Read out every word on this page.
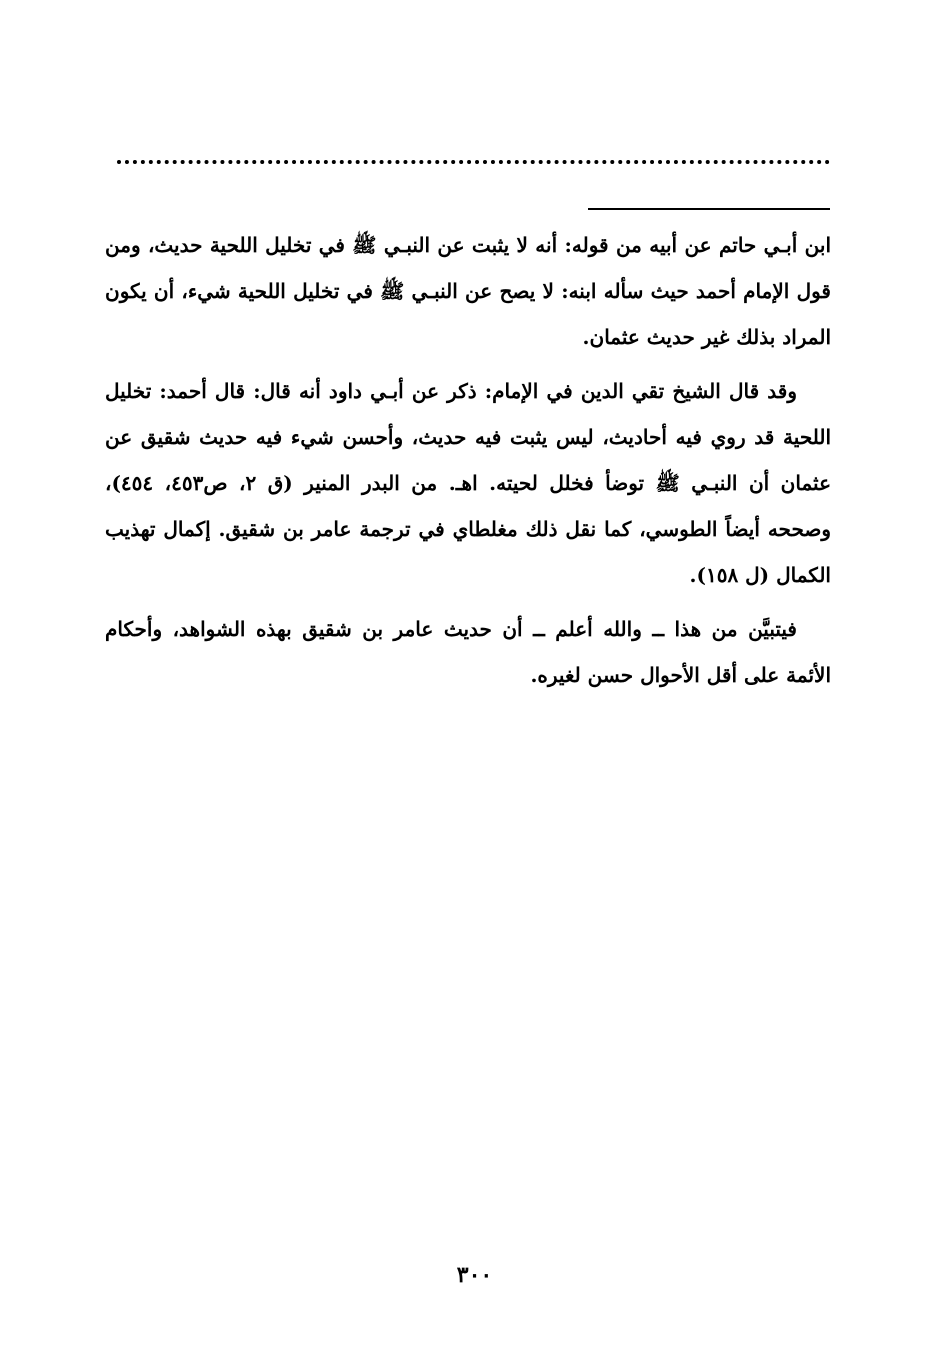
ابن أبـي حاتم عن أبيه من قوله: أنه لا يثبت عن النبـي ﷺ في تخليل اللحية حديث، ومن قول الإمام أحمد حيث سأله ابنه: لا يصح عن النبـي ﷺ في تخليل اللحية شيء، أن يكون المراد بذلك غير حديث عثمان.

وقد قال الشيخ تقي الدين في الإمام: ذكر عن أبـي داود أنه قال: قال أحمد: تخليل اللحية قد روي فيه أحاديث، ليس يثبت فيه حديث، وأحسن شيء فيه حديث شقيق عن عثمان أن النبـي ﷺ توضأ فخلل لحيته. اهـ. من البدر المنير (ق ٢، ص٤٥٣، ٤٥٤)، وصححه أيضاً الطوسي، كما نقل ذلك مغلطاي في ترجمة عامر بن شقيق. إكمال تهذيب الكمال (ل ١٥٨).

فيتبيَّن من هذا ــ والله أعلم ــ أن حديث عامر بن شقيق بهذه الشواهد، وأحكام الأئمة على أقل الأحوال حسن لغيره.

٣٠٠
